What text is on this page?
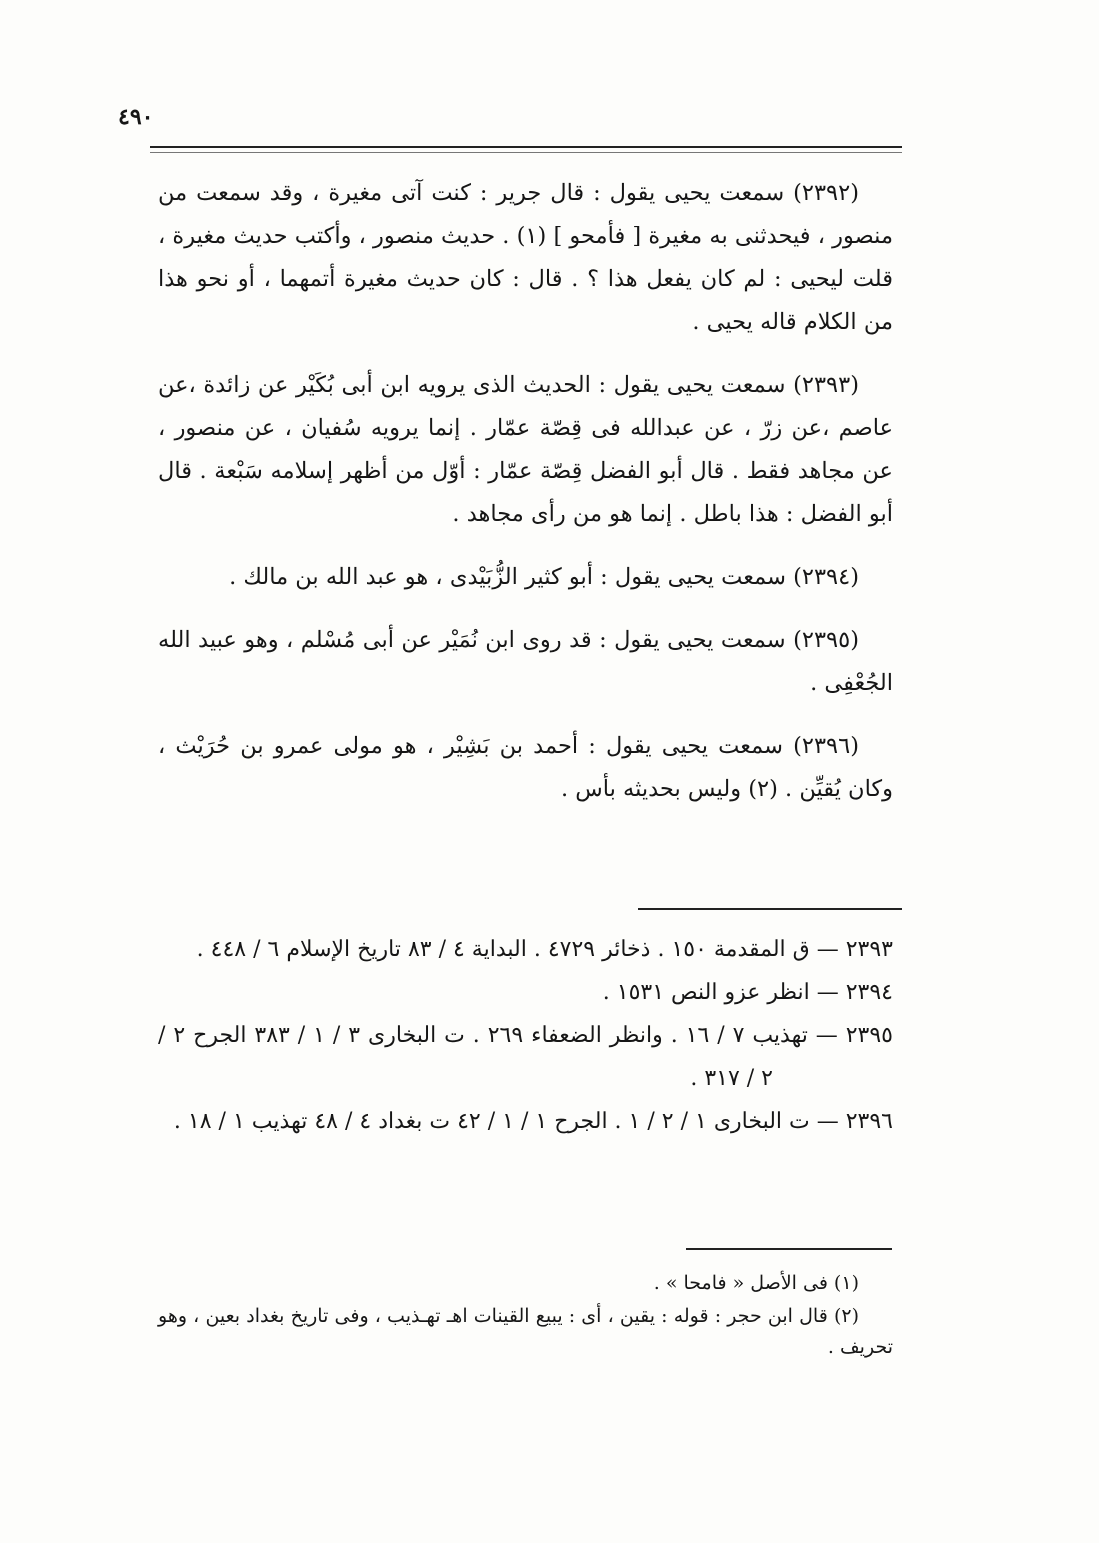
٤٩٠

(٢٣٩٢) سمعت يحيى يقول : قال جرير : كنت آتى مغيرة ، وقد سمعت من منصور ، فيحدثنى به مغيرة [ فأمحو ] (١) . حديث منصور ، وأكتب حديث مغيرة ، قلت ليحيى : لم كان يفعل هذا ؟ . قال : كان حديث مغيرة أتمهما ، أو نحو هذا من الكلام قاله يحيى .

(٢٣٩٣) سمعت يحيى يقول : الحديث الذى يرويه ابن أبى بُكَيْر عن زائدة ،عن عاصم ،عن زرّ ، عن عبدالله فى قِصّة عمّار . إنما يرويه سُفيان ، عن منصور ، عن مجاهد فقط . قال أبو الفضل قِصّة عمّار : أوّل من أظهر إسلامه سَبْعة . قال أبو الفضل : هذا باطل . إنما هو من رأى مجاهد .

(٢٣٩٤) سمعت يحيى يقول : أبو كثير الزُّبَيْدى ، هو عبد الله بن مالك .

(٢٣٩٥) سمعت يحيى يقول : قد روى ابن نُمَيْر عن أبى مُسْلم ، وهو عبيد الله الجُعْفِى .

(٢٣٩٦) سمعت يحيى يقول : أحمد بن بَشِيْر ، هو مولى عمرو بن حُرَيْث ، وكان يُقيِّن . (٢) وليس بحديثه بأس .

٢٣٩٣ — ق المقدمة ١٥٠ . ذخائر ٤٧٢٩ . البداية ٤ / ٨٣ تاريخ الإسلام ٦ / ٤٤٨ .
٢٣٩٤ — انظر عزو النص ١٥٣١ .
٢٣٩٥ — تهذيب ٧ / ١٦ . وانظر الضعفاء ٢٦٩ . ت البخارى ٣ / ١ / ٣٨٣ الجرح ٢ / ٢ / ٣١٧ .
٢٣٩٦ — ت البخارى ١ / ٢ / ١ . الجرح ١ / ١ / ٤٢ ت بغداد ٤ / ٤٨ تهذيب ١ / ١٨ .
(١) فى الأصل « فامحا » .
(٢) قال ابن حجر : قوله : يقين ، أى : يبيع القينات اهـ تهـذيب ، وفى تاريخ بغداد بعين ، وهو تحريف .
